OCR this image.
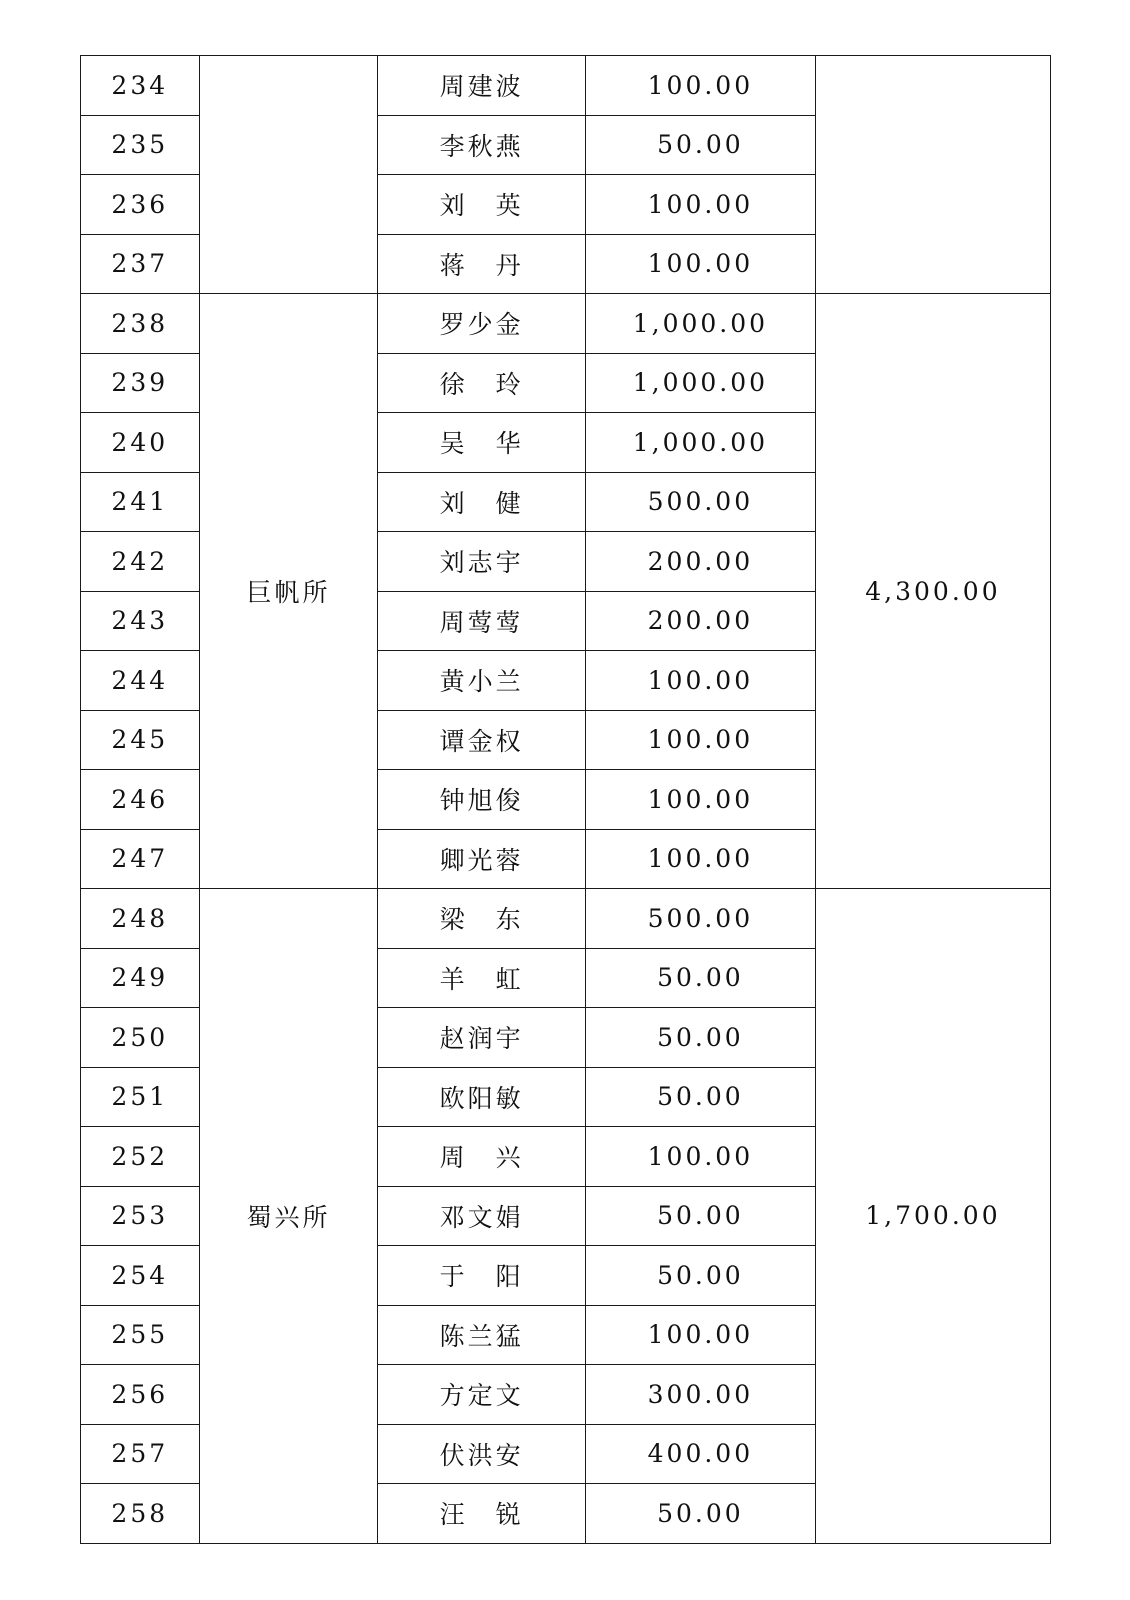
234		周建波	100.00	
235		李秋燕	50.00	
236		刘　英	100.00	
237		蒋　丹	100.00	
238	巨帆所	罗少金	1,000.00	4,300.00
239		徐　玲	1,000.00	
240		吴　华	1,000.00	
241		刘　健	500.00	
242		刘志宇	200.00	
243		周莺莺	200.00	
244		黄小兰	100.00	
245		谭金权	100.00	
246		钟旭俊	100.00	
247		卿光蓉	100.00	
248	蜀兴所	梁　东	500.00	1,700.00
249		羊　虹	50.00	
250		赵润宇	50.00	
251		欧阳敏	50.00	
252		周　兴	100.00	
253		邓文娟	50.00	
254		于　阳	50.00	
255		陈兰猛	100.00	
256		方定文	300.00	
257		伏洪安	400.00	
258		汪　锐	50.00	
